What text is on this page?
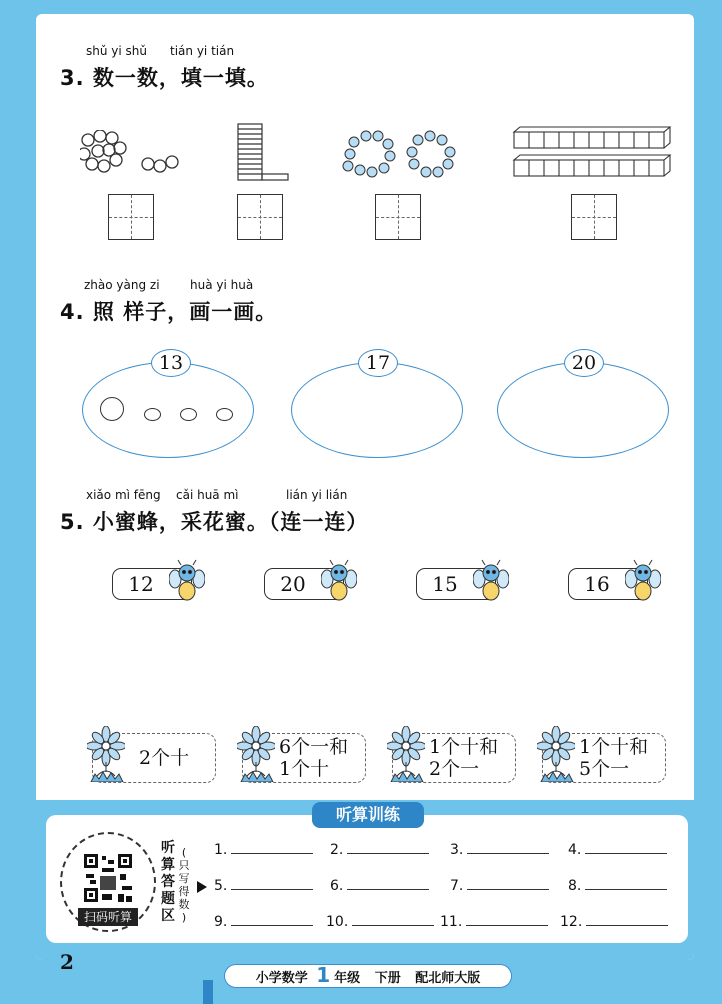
shǔ yi shǔ tián yi tián
3. 数一数，填一填。
zhào yàng zi	huà yi huà
4. 照 样子，画一画。
13	17	20
xiǎo mì fēng cǎi huā mì	lián yi lián
5. 小蜜蜂，采花蜜。（连一连）
12	20	15	16
2个十	6个一和
1个十
1个十和
2个一
1个十和
5个一
听算训练
扫码听算
听
算
答
题
区
(
只
写
得
数
)
1.	2.	3.	4.
5.	6.	7.	8.
9.	10.	11.	12.
2
小学数学 1 年级 下册 配北师大版
